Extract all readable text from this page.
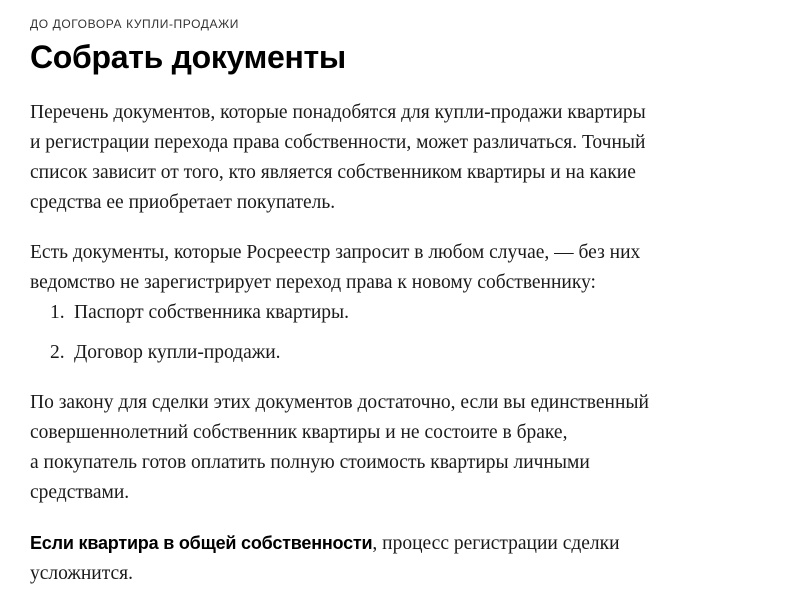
ДО ДОГОВОРА КУПЛИ-ПРОДАЖИ
Собрать документы

Перечень документов, которые понадобятся для купли-продажи квартиры
и регистрации перехода права собственности, может различаться. Точный
список зависит от того, кто является собственником квартиры и на какие
средства ее приобретает покупатель.

Есть документы, которые Росреестр запросит в любом случае, — без них
ведомство не зарегистрирует переход права к новому собственнику:

1. Паспорт собственника квартиры.
2. Договор купли-продажи.

По закону для сделки этих документов достаточно, если вы единственный
совершеннолетний собственник квартиры и не состоите в браке,
а покупатель готов оплатить полную стоимость квартиры личными
средствами.

Если квартира в общей собственности, процесс регистрации сделки
усложнится.
